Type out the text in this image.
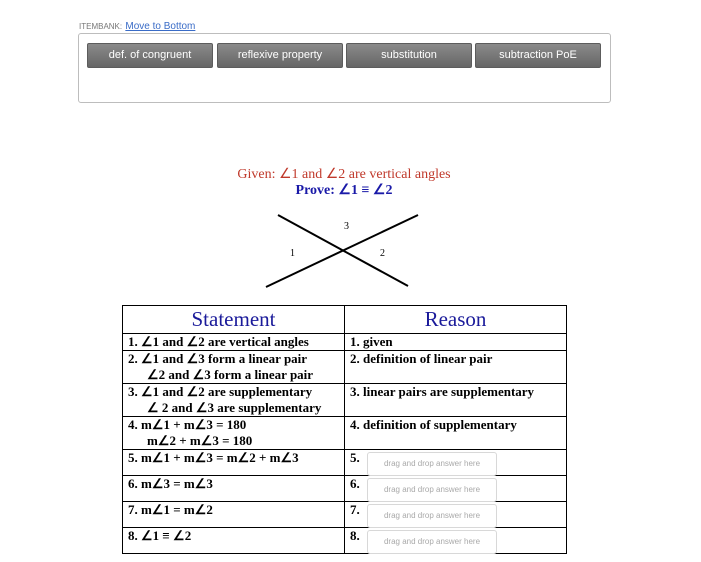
ITEMBANK: Move to Bottom
def. of congruent	reflexive property	substitution	subtraction PoE
Given: ∠1 and ∠2 are vertical angles
Prove: ∠1 ≡ ∠2
3
1	2
Statement	Reason

1. ∠1 and ∠2 are vertical angles	1. given

2. ∠1 and ∠3 form a linear pair
∠2 and ∠3 form a linear pair	2. definition of linear pair

3. ∠1 and ∠2 are supplementary
∠ 2 and ∠3 are supplementary	3. linear pairs are supplementary

4. m∠1 + m∠3 = 180
m∠2 + m∠3 = 180	4. definition of supplementary

5. m∠1 + m∠3 = m∠2 + m∠3	5. drag and drop answer here

6. m∠3 = m∠3	6. drag and drop answer here

7. m∠1 = m∠2	7. drag and drop answer here

8. ∠1 ≡ ∠2	8. drag and drop answer here
